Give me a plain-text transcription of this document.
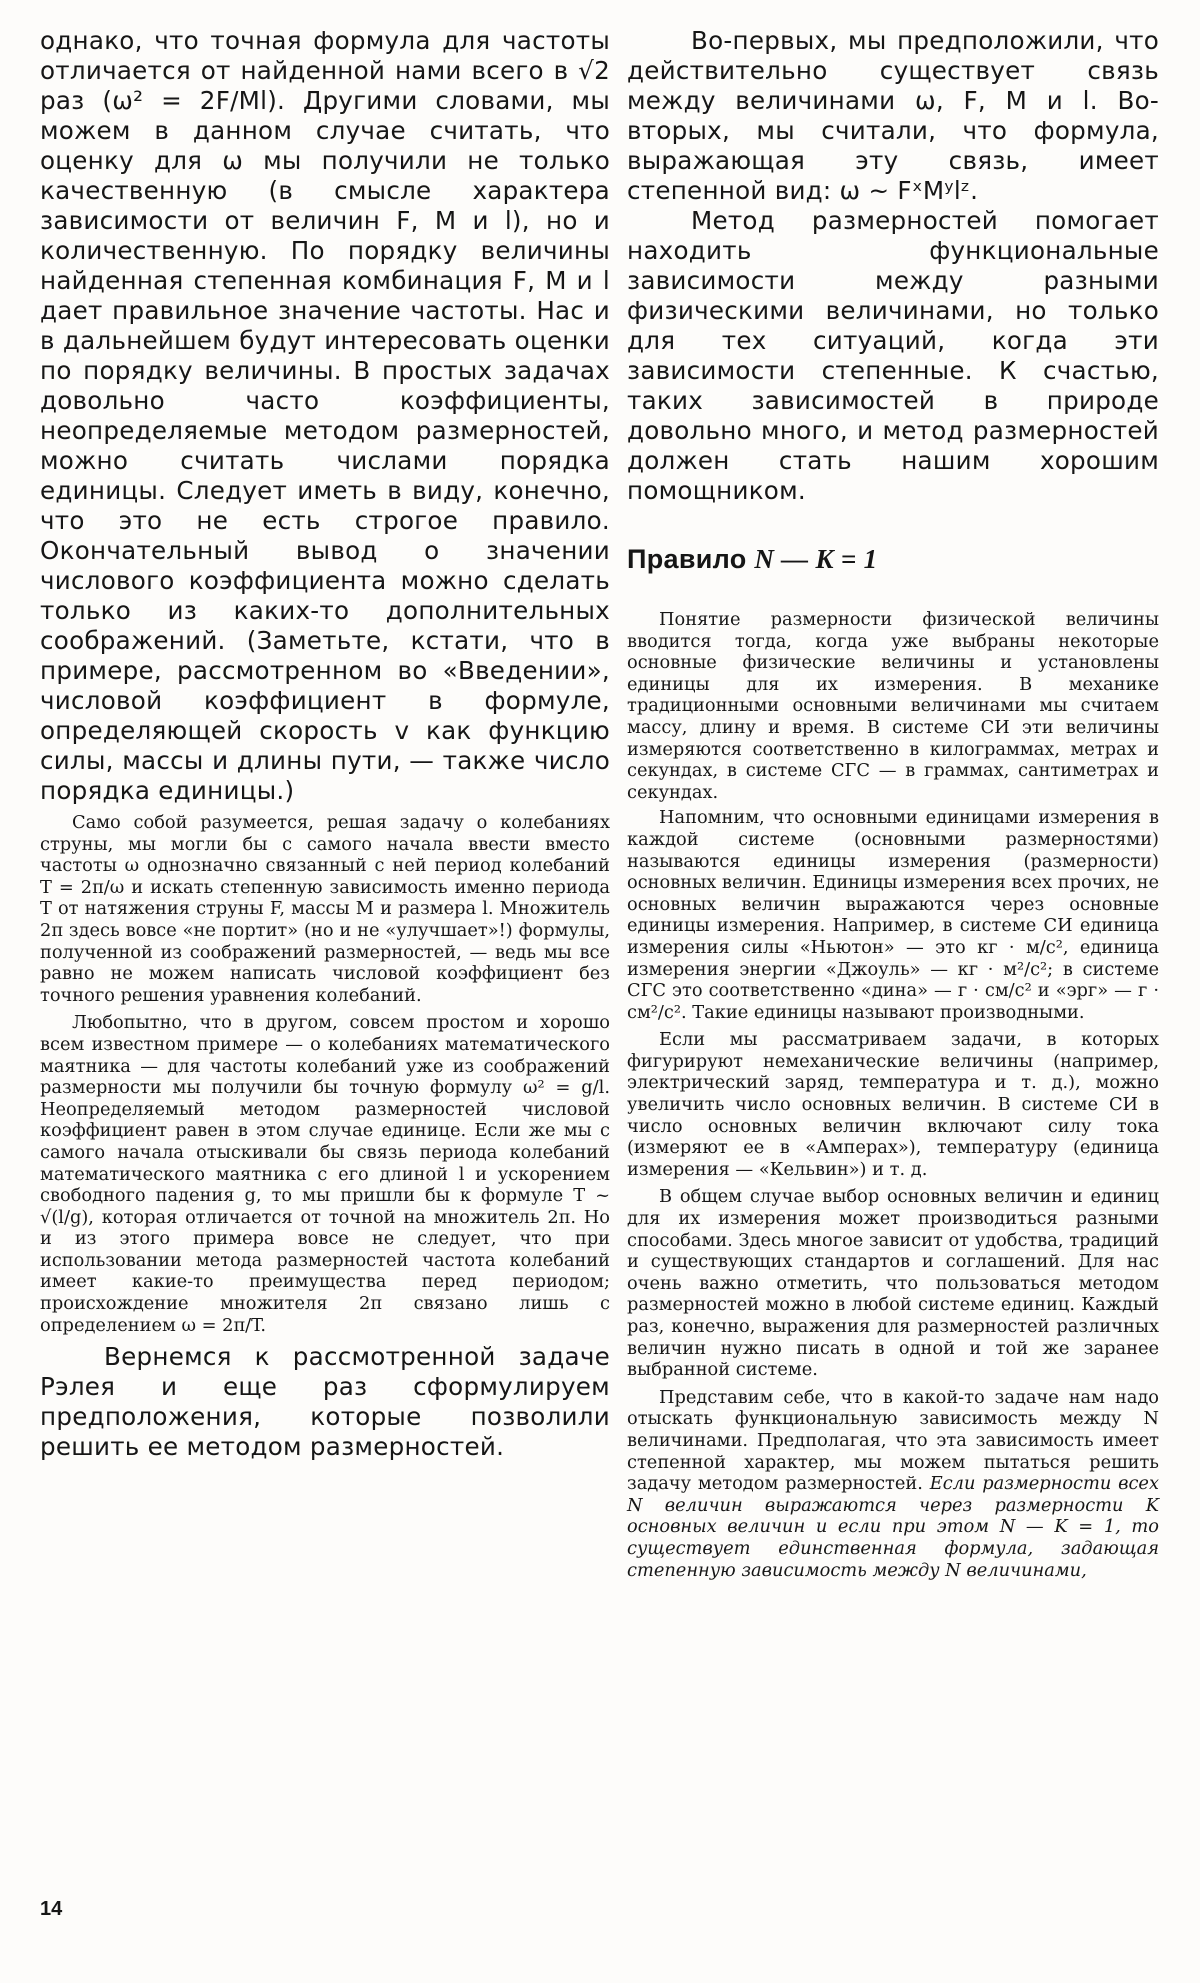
однако, что точная формула для частоты отличается от найденной нами всего в √2 раз (ω² = 2F/Ml). Другими словами, мы можем в данном случае считать, что оценку для ω мы получили не только качественную (в смысле характера зависимости от величин F, M и l), но и количественную. По порядку величины найденная степенная комбинация F, M и l дает правильное значение частоты. Нас и в дальнейшем будут интересовать оценки по порядку величины. В простых задачах довольно часто коэффициенты, неопределяемые методом размерностей, можно считать числами порядка единицы. Следует иметь в виду, конечно, что это не есть строгое правило. Окончательный вывод о значении числового коэффициента можно сделать только из каких-то дополнительных соображений. (Заметьте, кстати, что в примере, рассмотренном во «Введении», числовой коэффициент в формуле, определяющей скорость v как функцию силы, массы и длины пути, — также число порядка единицы.)

Само собой разумеется, решая задачу о колебаниях струны, мы могли бы с самого начала ввести вместо частоты ω однозначно связанный с ней период колебаний T = 2π/ω и искать степенную зависимость именно периода T от натяжения струны F, массы M и размера l. Множитель 2π здесь вовсе «не портит» (но и не «улучшает»!) формулы, полученной из соображений размерностей, — ведь мы все равно не можем написать числовой коэффициент без точного решения уравнения колебаний.

Любопытно, что в другом, совсем простом и хорошо всем известном примере — о колебаниях математического маятника — для частоты колебаний уже из соображений размерности мы получили бы точную формулу ω² = g/l. Неопределяемый методом размерностей числовой коэффициент равен в этом случае единице. Если же мы с самого начала отыскивали бы связь периода колебаний математического маятника с его длиной l и ускорением свободного падения g, то мы пришли бы к формуле T ~ √(l/g), которая отличается от точной на множитель 2π. Но и из этого примера вовсе не следует, что при использовании метода размерностей частота колебаний имеет какие-то преимущества перед периодом; происхождение множителя 2π связано лишь с определением ω = 2π/T.

Вернемся к рассмотренной задаче Рэлея и еще раз сформулируем предположения, которые позволили решить ее методом размерностей.

Во-первых, мы предположили, что действительно существует связь между величинами ω, F, M и l. Во-вторых, мы считали, что формула, выражающая эту связь, имеет степенной вид: ω ~ FˣMʸlᶻ.

Метод размерностей помогает находить функциональные зависимости между разными физическими величинами, но только для тех ситуаций, когда эти зависимости степенные. К счастью, таких зависимостей в природе довольно много, и метод размерностей должен стать нашим хорошим помощником.

Правило N — K = 1

Понятие размерности физической величины вводится тогда, когда уже выбраны некоторые основные физические величины и установлены единицы для их измерения. В механике традиционными основными величинами мы считаем массу, длину и время. В системе СИ эти величины измеряются соответственно в килограммах, метрах и секундах, в системе СГС — в граммах, сантиметрах и секундах.

Напомним, что основными единицами измерения в каждой системе (основными размерностями) называются единицы измерения (размерности) основных величин. Единицы измерения всех прочих, не основных величин выражаются через основные единицы измерения. Например, в системе СИ единица измерения силы «Ньютон» — это кг · м/с², единица измерения энергии «Джоуль» — кг · м²/с²; в системе СГС это соответственно «дина» — г · см/с² и «эрг» — г · см²/с². Такие единицы называют производными.

Если мы рассматриваем задачи, в которых фигурируют немеханические величины (например, электрический заряд, температура и т. д.), можно увеличить число основных величин. В системе СИ в число основных величин включают силу тока (измеряют ее в «Амперах»), температуру (единица измерения — «Кельвин») и т. д.

В общем случае выбор основных величин и единиц для их измерения может производиться разными способами. Здесь многое зависит от удобства, традиций и существующих стандартов и соглашений. Для нас очень важно отметить, что пользоваться методом размерностей можно в любой системе единиц. Каждый раз, конечно, выражения для размерностей различных величин нужно писать в одной и той же заранее выбранной системе.

Представим себе, что в какой-то задаче нам надо отыскать функциональную зависимость между N величинами. Предполагая, что эта зависимость имеет степенной характер, мы можем пытаться решить задачу методом размерностей. Если размерности всех N величин выражаются через размерности K основных величин и если при этом N — K = 1, то существует единственная формула, задающая степенную зависимость между N величинами,

14
